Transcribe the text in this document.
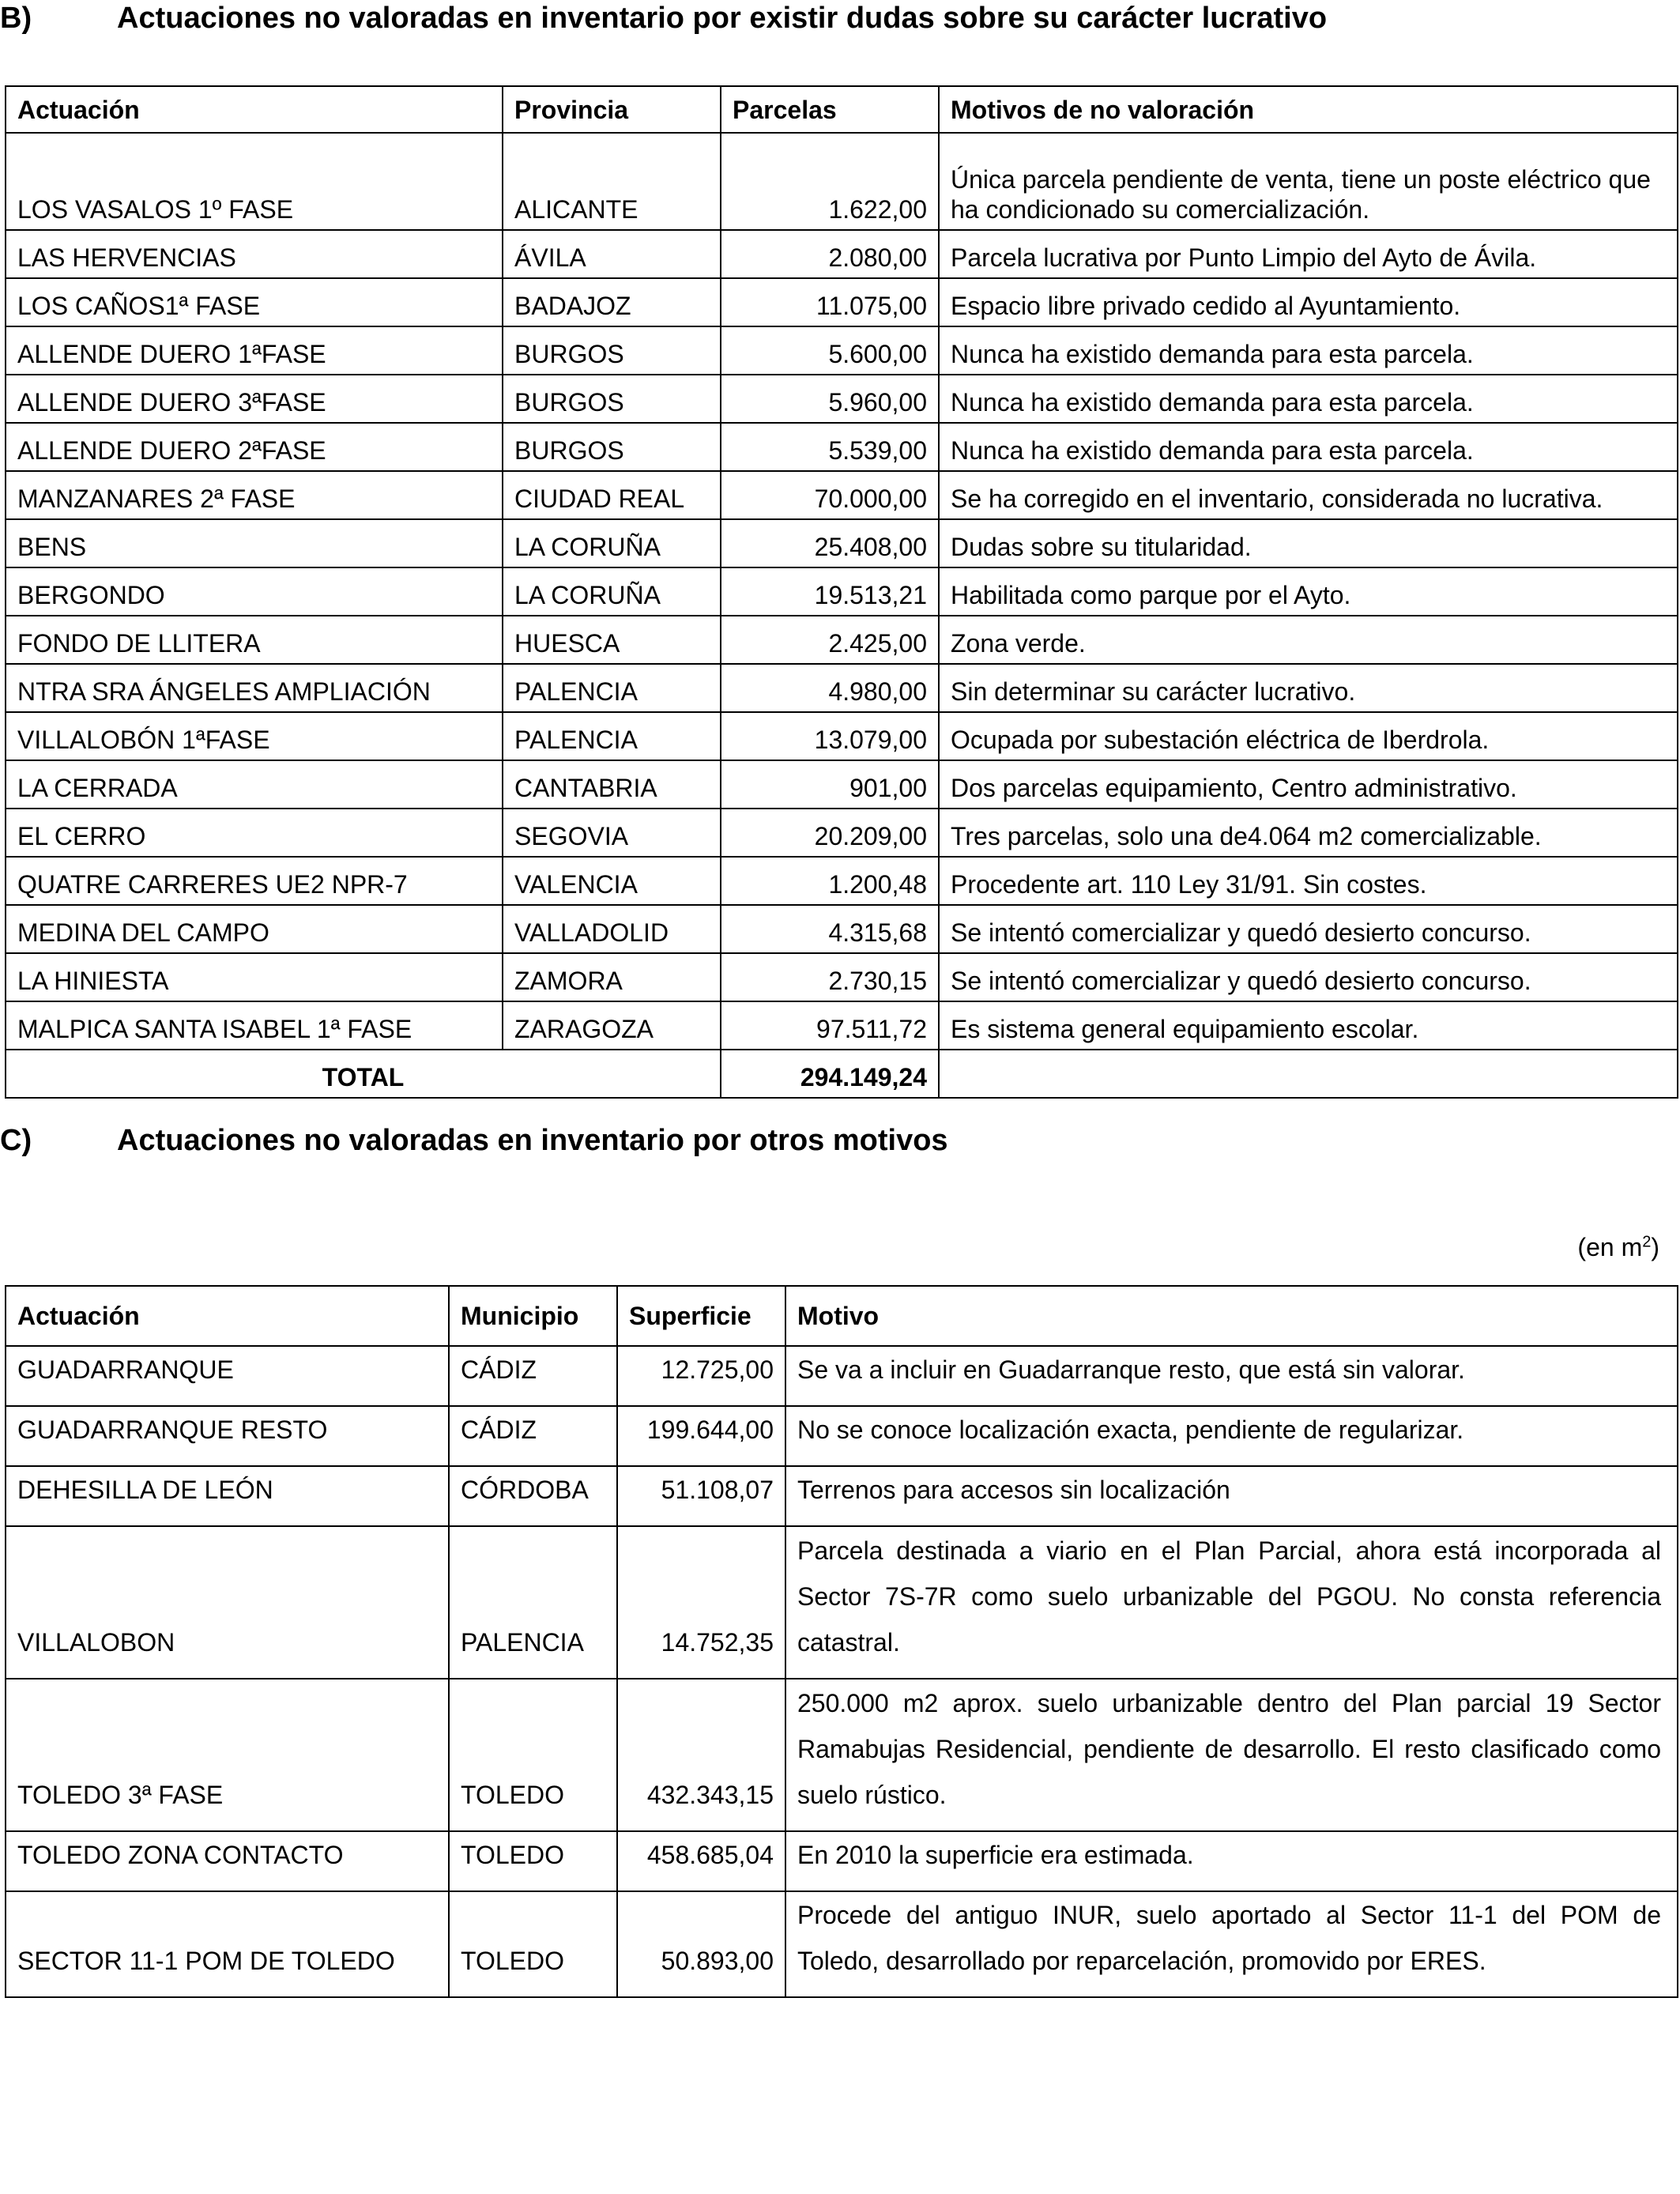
B)	Actuaciones no valoradas en inventario por existir dudas sobre su carácter lucrativo
Actuación	Provincia	Parcelas	Motivos de no valoración
LOS VASALOS 1º FASE	ALICANTE	1.622,00	Única parcela pendiente de venta, tiene un poste eléctrico que ha condicionado su comercialización.
LAS HERVENCIAS	ÁVILA	2.080,00	Parcela lucrativa por Punto Limpio del Ayto de Ávila.
LOS CAÑOS1ª FASE	BADAJOZ	11.075,00	Espacio libre privado cedido al Ayuntamiento.
ALLENDE DUERO 1ªFASE	BURGOS	5.600,00	Nunca ha existido demanda para esta parcela.
ALLENDE DUERO 3ªFASE	BURGOS	5.960,00	Nunca ha existido demanda para esta parcela.
ALLENDE DUERO 2ªFASE	BURGOS	5.539,00	Nunca ha existido demanda para esta parcela.
MANZANARES 2ª FASE	CIUDAD REAL	70.000,00	Se ha corregido en el inventario, considerada no lucrativa.
BENS	LA CORUÑA	25.408,00	Dudas sobre su titularidad.
BERGONDO	LA CORUÑA	19.513,21	Habilitada como parque por el Ayto.
FONDO DE LLITERA	HUESCA	2.425,00	Zona verde.
NTRA SRA ÁNGELES AMPLIACIÓN	PALENCIA	4.980,00	Sin determinar su carácter lucrativo.
VILLALOBÓN 1ªFASE	PALENCIA	13.079,00	Ocupada por subestación eléctrica de Iberdrola.
LA CERRADA	CANTABRIA	901,00	Dos parcelas equipamiento, Centro administrativo.
EL CERRO	SEGOVIA	20.209,00	Tres parcelas, solo una de4.064 m2 comercializable.
QUATRE CARRERES UE2 NPR-7	VALENCIA	1.200,48	Procedente art. 110 Ley 31/91. Sin costes.
MEDINA DEL CAMPO	VALLADOLID	4.315,68	Se intentó comercializar y quedó desierto concurso.
LA HINIESTA	ZAMORA	2.730,15	Se intentó comercializar y quedó desierto concurso.
MALPICA SANTA ISABEL 1ª FASE	ZARAGOZA	97.511,72	Es sistema general equipamiento escolar.
TOTAL		294.149,24	
C)	Actuaciones no valoradas en inventario por otros motivos
(en $m^2$)
Actuación	Municipio	Superficie	Motivo
GUADARRANQUE	CÁDIZ	12.725,00	Se va a incluir en Guadarranque resto, que está sin valorar.
GUADARRANQUE RESTO	CÁDIZ	199.644,00	No se conoce localización exacta, pendiente de regularizar.
DEHESILLA DE LEÓN	CÓRDOBA	51.108,07	Terrenos para accesos sin localización
VILLALOBON	PALENCIA	14.752,35	Parcela destinada a viario en el Plan Parcial, ahora está incorporada al Sector 7S-7R como suelo urbanizable del PGOU. No consta referencia catastral.
TOLEDO 3ª FASE	TOLEDO	432.343,15	250.000 m2 aprox. suelo urbanizable dentro del Plan parcial 19 Sector Ramabujas Residencial, pendiente de desarrollo. El resto clasificado como suelo rústico.
TOLEDO ZONA CONTACTO	TOLEDO	458.685,04	En 2010 la superficie era estimada.
SECTOR 11-1 POM DE TOLEDO	TOLEDO	50.893,00	Procede del antiguo INUR, suelo aportado al Sector 11-1 del POM de Toledo, desarrollado por reparcelación, promovido por ERES.
